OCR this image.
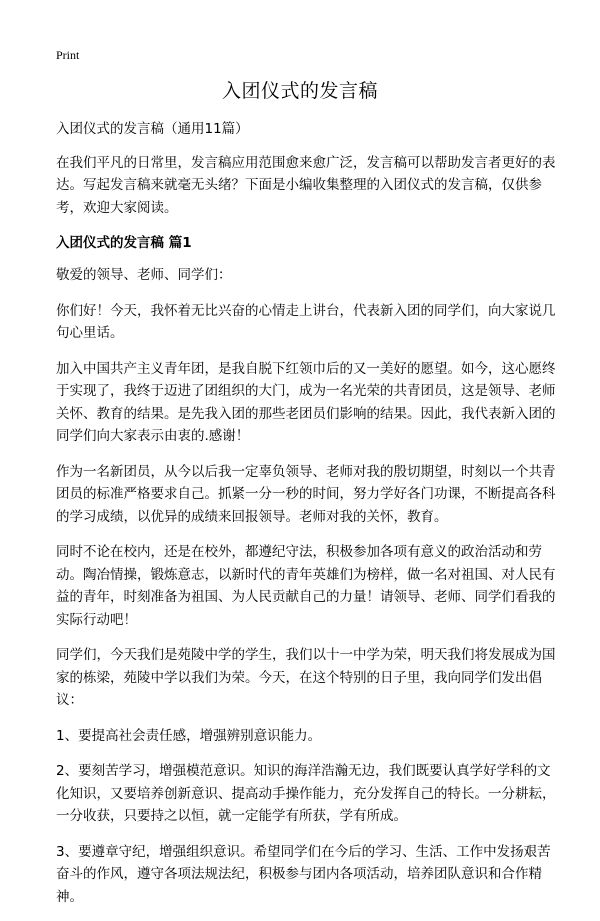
Print
入团仪式的发言稿

入团仪式的发言稿（通用11篇）

在我们平凡的日常里，发言稿应用范围愈来愈广泛，发言稿可以帮助发言者更好的表达。写起发言稿来就毫无头绪？下面是小编收集整理的入团仪式的发言稿，仅供参考，欢迎大家阅读。

入团仪式的发言稿 篇1

敬爱的领导、老师、同学们：

你们好！今天，我怀着无比兴奋的心情走上讲台，代表新入团的同学们，向大家说几句心里话。

加入中国共产主义青年团，是我自脱下红领巾后的又一美好的愿望。如今，这心愿终于实现了，我终于迈进了团组织的大门，成为一名光荣的共青团员，这是领导、老师关怀、教育的结果。是先我入团的那些老团员们影响的结果。因此，我代表新入团的同学们向大家表示由衷的.感谢！

作为一名新团员，从今以后我一定辜负领导、老师对我的殷切期望，时刻以一个共青团员的标准严格要求自己。抓紧一分一秒的时间，努力学好各门功课，不断提高各科的学习成绩，以优异的成绩来回报领导。老师对我的关怀，教育。

同时不论在校内，还是在校外，都遵纪守法，积极参加各项有意义的政治活动和劳动。陶冶情操，锻炼意志，以新时代的青年英雄们为榜样，做一名对祖国、对人民有益的青年，时刻准备为祖国、为人民贡献自己的力量！请领导、老师、同学们看我的实际行动吧！

同学们，今天我们是苑陵中学的学生，我们以十一中学为荣，明天我们将发展成为国家的栋梁，苑陵中学以我们为荣。今天，在这个特别的日子里，我向同学们发出倡议：

1、要提高社会责任感，增强辨别意识能力。

2、要刻苦学习，增强模范意识。知识的海洋浩瀚无边，我们既要认真学好学科的文化知识，又要培养创新意识、提高动手操作能力，充分发挥自己的特长。一分耕耘，一分收获，只要持之以恒，就一定能学有所获，学有所成。

3、要遵章守纪，增强组织意识。希望同学们在今后的学习、生活、工作中发扬艰苦奋斗的作风，遵守各项法规法纪，积极参与团内各项活动，培养团队意识和合作精神。
